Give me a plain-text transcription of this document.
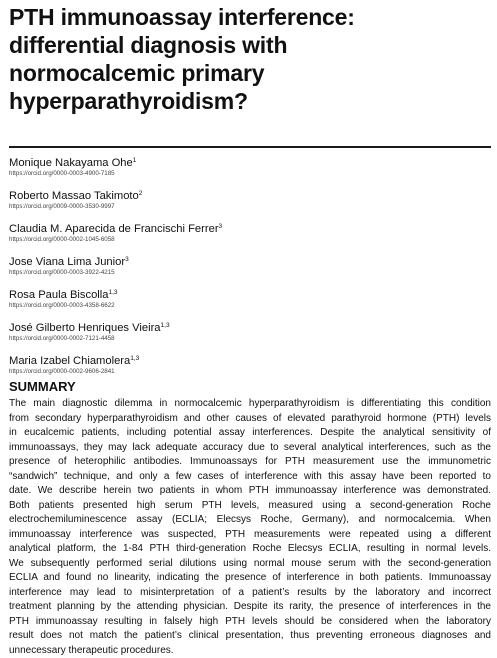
PTH immunoassay interference:
differential diagnosis with
normocalcemic primary
hyperparathyroidism?
Monique Nakayama Ohe$^1$
https://orcid.org/0000-0003-4900-7185
Roberto Massao Takimoto$^2$
https://orcid.org/0009-0000-3530-9997
Claudia M. Aparecida de Francischi Ferrer$^3$
https://orcid.org/0000-0002-1045-6058
Jose Viana Lima Junior$^3$
https://orcid.org/0000-0003-3922-4215
Rosa Paula Biscolla$^{1,3}$
https://orcid.org/0000-0003-4358-6622
José Gilberto Henriques Vieira$^{1,3}$
https://orcid.org/0000-0002-7121-4458
Maria Izabel Chiamolera$^{1,3}$
https://orcid.org/0000-0002-9606-2841
SUMMARY
The main diagnostic dilemma in normocalcemic hyperparathyroidism is differentiating this condition
from secondary hyperparathyroidism and other causes of elevated parathyroid hormone (PTH) levels
in eucalcemic patients, including potential assay interferences. Despite the analytical sensitivity of
immunoassays, they may lack adequate accuracy due to several analytical interferences, such as the
presence of heterophilic antibodies. Immunoassays for PTH measurement use the immunometric
“sandwich” technique, and only a few cases of interference with this assay have been reported to
date. We describe herein two patients in whom PTH immunoassay interference was demonstrated.
Both patients presented high serum PTH levels, measured using a second-generation Roche
electrochemiluminescence assay (ECLIA; Elecsys Roche, Germany), and normocalcemia. When
immunoassay interference was suspected, PTH measurements were repeated using a different
analytical platform, the 1-84 PTH third-generation Roche Elecsys ECLIA, resulting in normal levels.
We subsequently performed serial dilutions using normal mouse serum with the second-generation
ECLIA and found no linearity, indicating the presence of interference in both patients. Immunoassay
interference may lead to misinterpretation of a patient’s results by the laboratory and incorrect
treatment planning by the attending physician. Despite its rarity, the presence of interferences in the
PTH immunoassay resulting in falsely high PTH levels should be considered when the laboratory
result does not match the patient’s clinical presentation, thus preventing erroneous diagnoses and
unnecessary therapeutic procedures.
